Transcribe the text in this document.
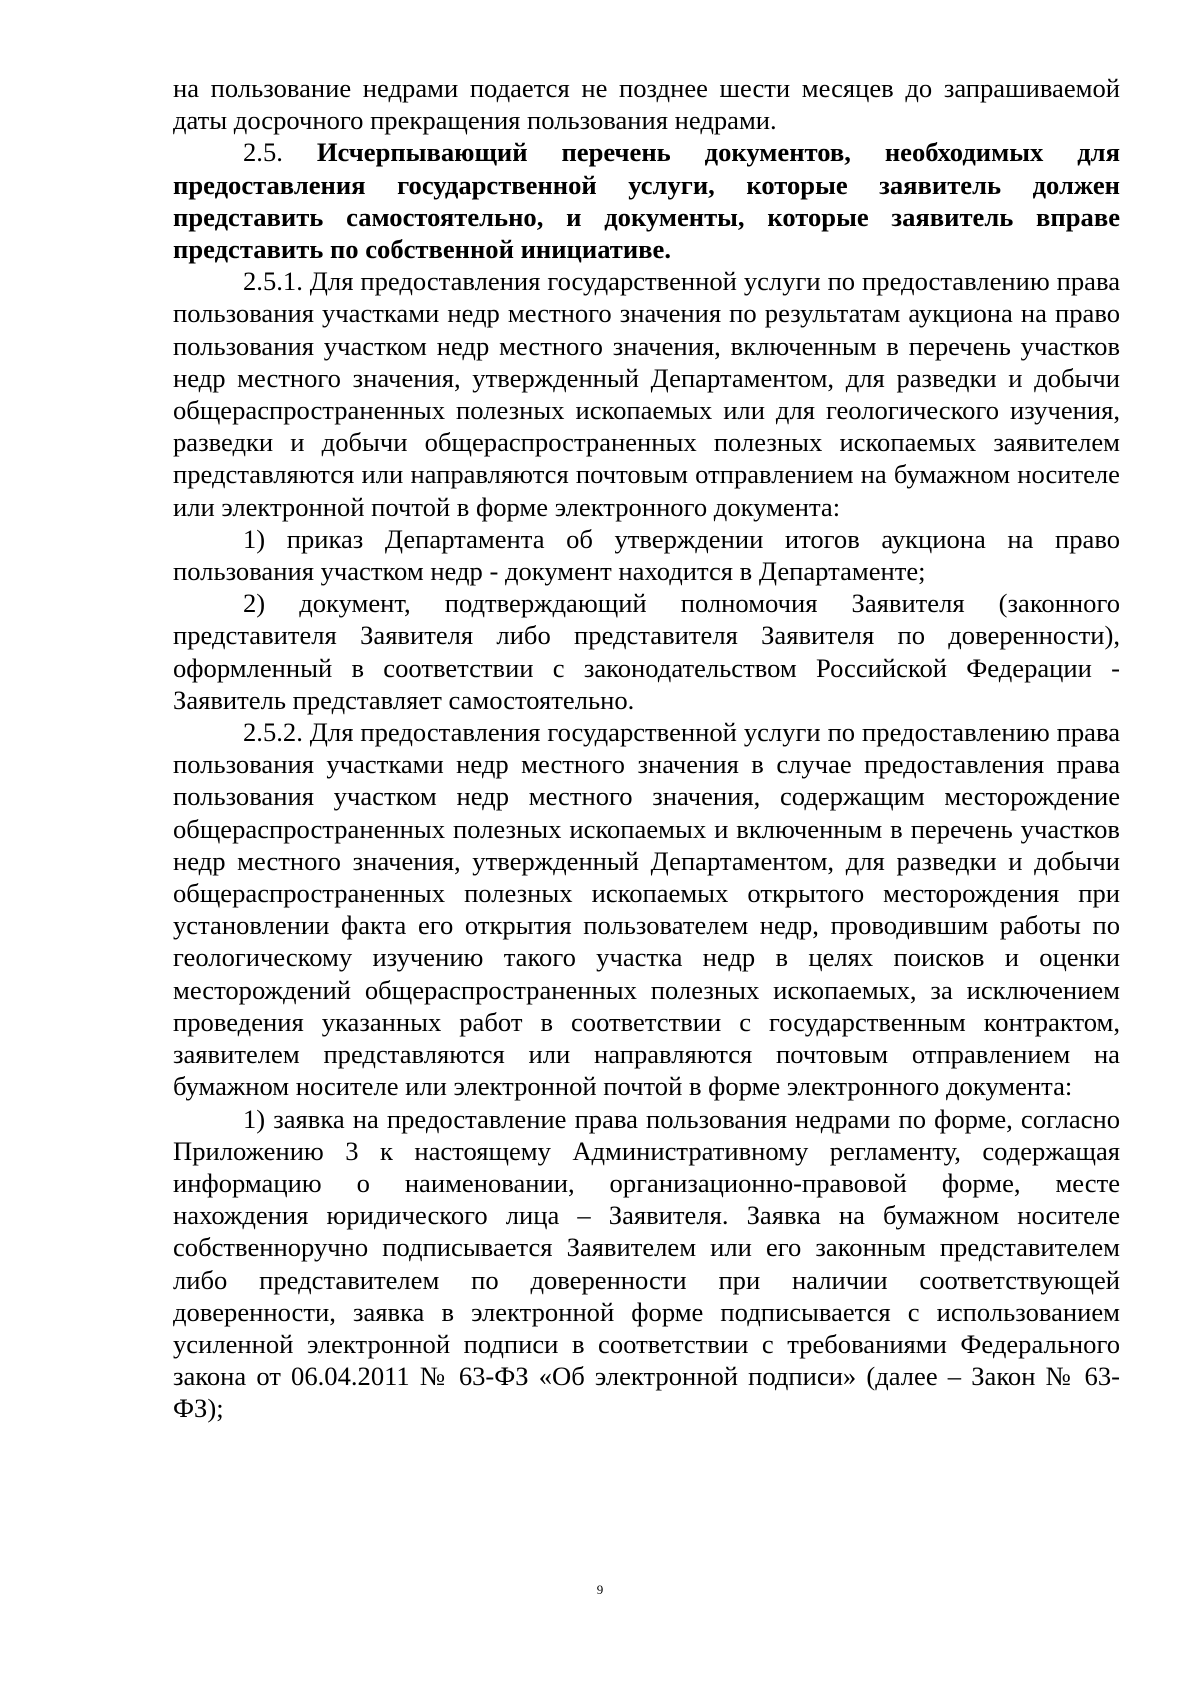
на пользование недрами подается не позднее шести месяцев до запрашиваемой даты досрочного прекращения пользования недрами.

2.5. Исчерпывающий перечень документов, необходимых для предоставления государственной услуги, которые заявитель должен представить самостоятельно, и документы, которые заявитель вправе представить по собственной инициативе.

2.5.1. Для предоставления государственной услуги по предоставлению права пользования участками недр местного значения по результатам аукциона на право пользования участком недр местного значения, включенным в перечень участков недр местного значения, утвержденный Департаментом, для разведки и добычи общераспространенных полезных ископаемых или для геологического изучения, разведки и добычи общераспространенных полезных ископаемых заявителем представляются или направляются почтовым отправлением на бумажном носителе или электронной почтой в форме электронного документа:

1) приказ Департамента об утверждении итогов аукциона на право пользования участком недр - документ находится в Департаменте;

2) документ, подтверждающий полномочия Заявителя (законного представителя Заявителя либо представителя Заявителя по доверенности), оформленный в соответствии с законодательством Российской Федерации - Заявитель представляет самостоятельно.

2.5.2. Для предоставления государственной услуги по предоставлению права пользования участками недр местного значения в случае предоставления права пользования участком недр местного значения, содержащим месторождение общераспространенных полезных ископаемых и включенным в перечень участков недр местного значения, утвержденный Департаментом, для разведки и добычи общераспространенных полезных ископаемых открытого месторождения при установлении факта его открытия пользователем недр, проводившим работы по геологическому изучению такого участка недр в целях поисков и оценки месторождений общераспространенных полезных ископаемых, за исключением проведения указанных работ в соответствии с государственным контрактом, заявителем представляются или направляются почтовым отправлением на бумажном носителе или электронной почтой в форме электронного документа:

1) заявка на предоставление права пользования недрами по форме, согласно Приложению 3 к настоящему Административному регламенту, содержащая информацию о наименовании, организационно-правовой форме, месте нахождения юридического лица – Заявителя. Заявка на бумажном носителе собственноручно подписывается Заявителем или его законным представителем либо представителем по доверенности при наличии соответствующей доверенности, заявка в электронной форме подписывается с использованием усиленной электронной подписи в соответствии с требованиями Федерального закона от 06.04.2011 № 63-ФЗ «Об электронной подписи» (далее – Закон № 63-ФЗ);

9
